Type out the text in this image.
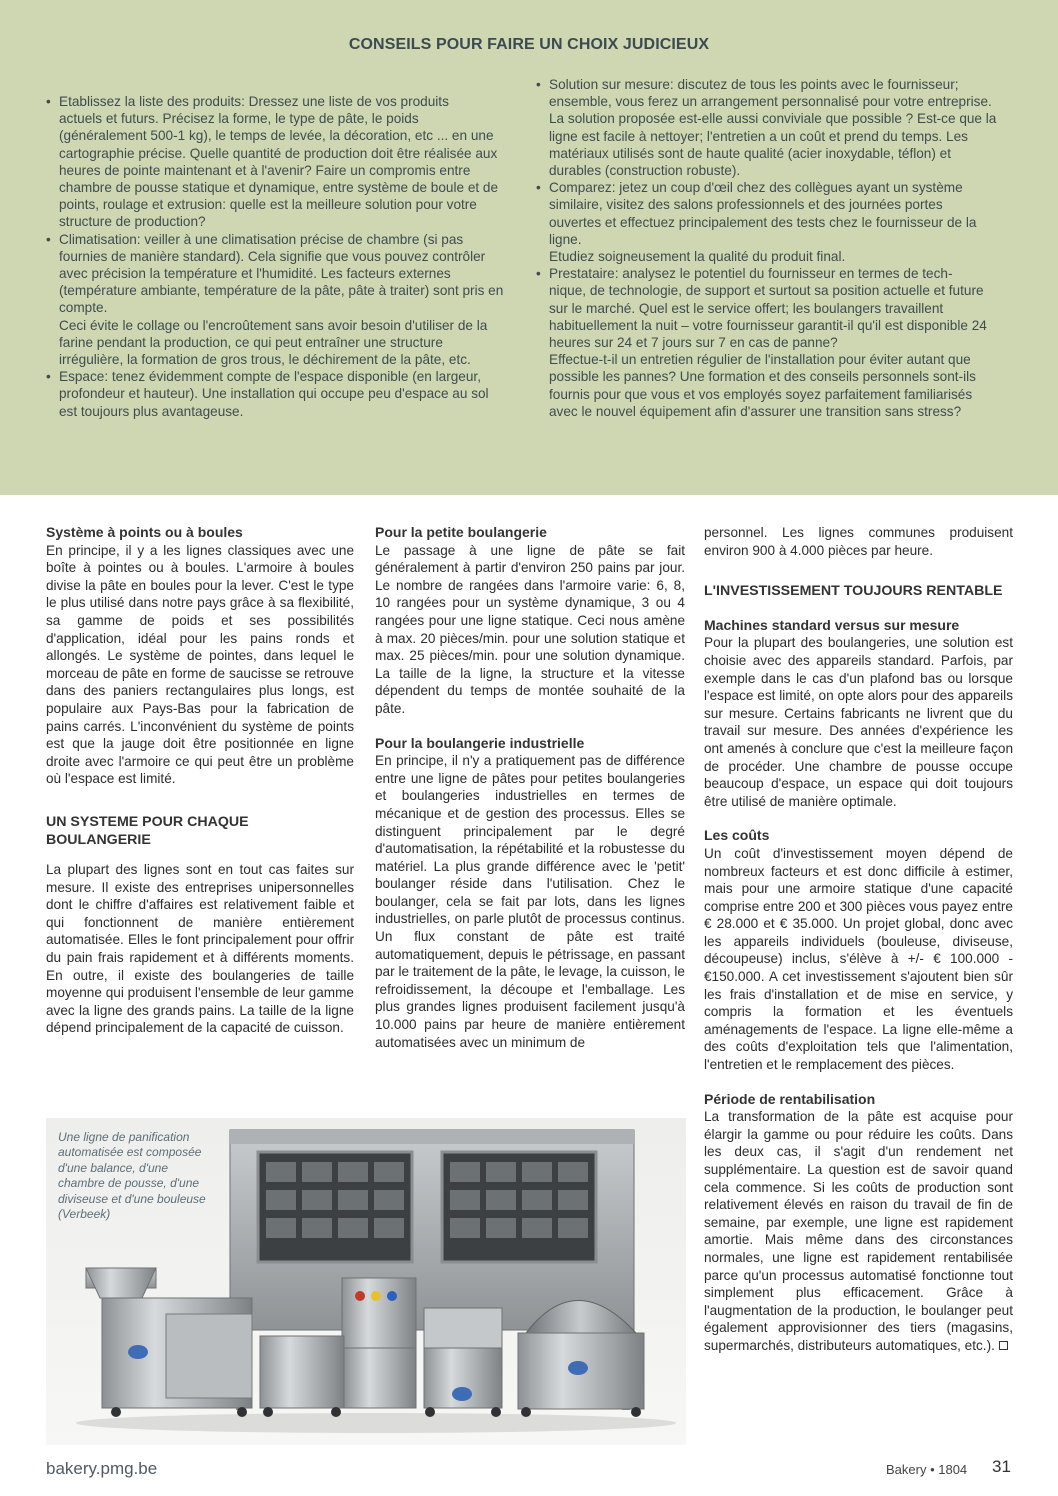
CONSEILS POUR FAIRE UN CHOIX JUDICIEUX

• Etablissez la liste des produits: Dressez une liste de vos produits
actuels et futurs. Précisez la forme, le type de pâte, le poids (généralement 500-1 kg), le temps de levée, la décoration, etc ... en une cartographie précise. Quelle quantité de production doit être réalisée aux heures de pointe maintenant et à l'avenir? Faire un compromis entre chambre de pousse statique et dynamique, entre système de boule et de points, roulage et extrusion: quelle est la meilleure solution pour votre structure de production?

• Climatisation: veiller à une climatisation précise de chambre (si pas
fournies de manière standard). Cela signifie que vous pouvez contrôler avec précision la température et l'humidité. Les facteurs externes (température ambiante, température de la pâte, pâte à traiter) sont pris en compte.
Ceci évite le collage ou l'encroûtement sans avoir besoin d'utiliser de la farine pendant la production, ce qui peut entraîner une structure irrégulière, la formation de gros trous, le déchirement de la pâte, etc.

• Espace: tenez évidemment compte de l'espace disponible (en largeur,
profondeur et hauteur). Une installation qui occupe peu d'espace au sol est toujours plus avantageuse.

• Solution sur mesure: discutez de tous les points avec le fournisseur;
ensemble, vous ferez un arrangement personnalisé pour votre entreprise. La solution proposée est-elle aussi conviviale que possible ? Est-ce que la ligne est facile à nettoyer; l'entretien a un coût et prend du temps. Les matériaux utilisés sont de haute qualité (acier inoxydable, téflon) et durables (construction robuste).

• Comparez: jetez un coup d'œil chez des collègues ayant un système
similaire, visitez des salons professionnels et des journées portes ouvertes et effectuez principalement des tests chez le fournisseur de la ligne.
Etudiez soigneusement la qualité du produit final.

• Prestataire: analysez le potentiel du fournisseur en termes de tech-
nique, de technologie, de support et surtout sa position actuelle et future sur le marché. Quel est le service offert; les boulangers travaillent habituellement la nuit – votre fournisseur garantit-il qu'il est disponible 24 heures sur 24 et 7 jours sur 7 en cas de panne?
Effectue-t-il un entretien régulier de l'installation pour éviter autant que possible les pannes? Une formation et des conseils personnels sont-ils fournis pour que vous et vos employés soyez parfaitement familiarisés avec le nouvel équipement afin d'assurer une transition sans stress?

Système à points ou à boules
En principe, il y a les lignes classiques avec une boîte à pointes ou à boules. L'armoire à boules divise la pâte en boules pour la lever. C'est le type le plus utilisé dans notre pays grâce à sa flexibilité, sa gamme de poids et ses possibilités d'application, idéal pour les pains ronds et allongés. Le système de pointes, dans lequel le morceau de pâte en forme de saucisse se retrouve dans des paniers rectangulaires plus longs, est populaire aux Pays-Bas pour la fabrication de pains carrés. L'inconvénient du système de points est que la jauge doit être positionnée en ligne droite avec l'armoire ce qui peut être un problème où l'espace est limité.
UN SYSTEME POUR CHAQUE
BOULANGERIE
La plupart des lignes sont en tout cas faites sur mesure. Il existe des entreprises unipersonnelles dont le chiffre d'affaires est relativement faible et qui fonctionnent de manière entièrement automatisée. Elles le font principalement pour offrir du pain frais rapidement et à différents moments. En outre, il existe des boulangeries de taille moyenne qui produisent l'ensemble de leur gamme avec la ligne des grands pains. La taille de la ligne dépend principalement de la capacité de cuisson.
Pour la petite boulangerie
Le passage à une ligne de pâte se fait généralement à partir d'environ 250 pains par jour. Le nombre de rangées dans l'armoire varie: 6, 8, 10 rangées pour un système dynamique, 3 ou 4 rangées pour une ligne statique. Ceci nous amène à max. 20 pièces/min. pour une solution statique et max. 25 pièces/min. pour une solution dynamique. La taille de la ligne, la structure et la vitesse dépendent du temps de montée souhaité de la pâte.
Pour la boulangerie industrielle
En principe, il n'y a pratiquement pas de différence entre une ligne de pâtes pour petites boulangeries et boulangeries industrielles en termes de mécanique et de gestion des processus. Elles se distinguent principalement par le degré d'automatisation, la répétabilité et la robustesse du matériel. La plus grande différence avec le 'petit' boulanger réside dans l'utilisation. Chez le boulanger, cela se fait par lots, dans les lignes industrielles, on parle plutôt de processus continus. Un flux constant de pâte est traité automatiquement, depuis le pétrissage, en passant par le traitement de la pâte, le levage, la cuisson, le refroidissement, la découpe et l'emballage. Les plus grandes lignes produisent facilement jusqu'à 10.000 pains par heure de manière entièrement automatisées avec un minimum de
personnel. Les lignes communes produisent environ 900 à 4.000 pièces par heure.
L'INVESTISSEMENT TOUJOURS RENTABLE
Machines standard versus sur mesure
Pour la plupart des boulangeries, une solution est choisie avec des appareils standard. Parfois, par exemple dans le cas d'un plafond bas ou lorsque l'espace est limité, on opte alors pour des appareils sur mesure. Certains fabricants ne livrent que du travail sur mesure. Des années d'expérience les ont amenés à conclure que c'est la meilleure façon de procéder. Une chambre de pousse occupe beaucoup d'espace, un espace qui doit toujours être utilisé de manière optimale.
Les coûts
Un coût d'investissement moyen dépend de nombreux facteurs et est donc difficile à estimer, mais pour une armoire statique d'une capacité comprise entre 200 et 300 pièces vous payez entre € 28.000 et € 35.000. Un projet global, donc avec les appareils individuels (bouleuse, diviseuse, découpeuse) inclus, s'élève à +/- € 100.000 - €150.000. A cet investissement s'ajoutent bien sûr les frais d'installation et de mise en service, y compris la formation et les éventuels aménagements de l'espace. La ligne elle-même a des coûts d'exploitation tels que l'alimentation, l'entretien et le remplacement des pièces.
Période de rentabilisation
La transformation de la pâte est acquise pour élargir la gamme ou pour réduire les coûts. Dans les deux cas, il s'agit d'un rendement net supplémentaire. La question est de savoir quand cela commence. Si les coûts de production sont relativement élevés en raison du travail de fin de semaine, par exemple, une ligne est rapidement amortie. Mais même dans des circonstances normales, une ligne est rapidement rentabilisée parce qu'un processus automatisé fonctionne tout simplement plus efficacement. Grâce à l'augmentation de la production, le boulanger peut également approvisionner des tiers (magasins, supermarchés, distributeurs automatiques, etc.).
Une ligne de panification automatisée est composée d'une balance, d'une chambre de pousse, d'une diviseuse et d'une bouleuse (Verbeek)
bakery.pmg.be	Bakery • 1804 31
